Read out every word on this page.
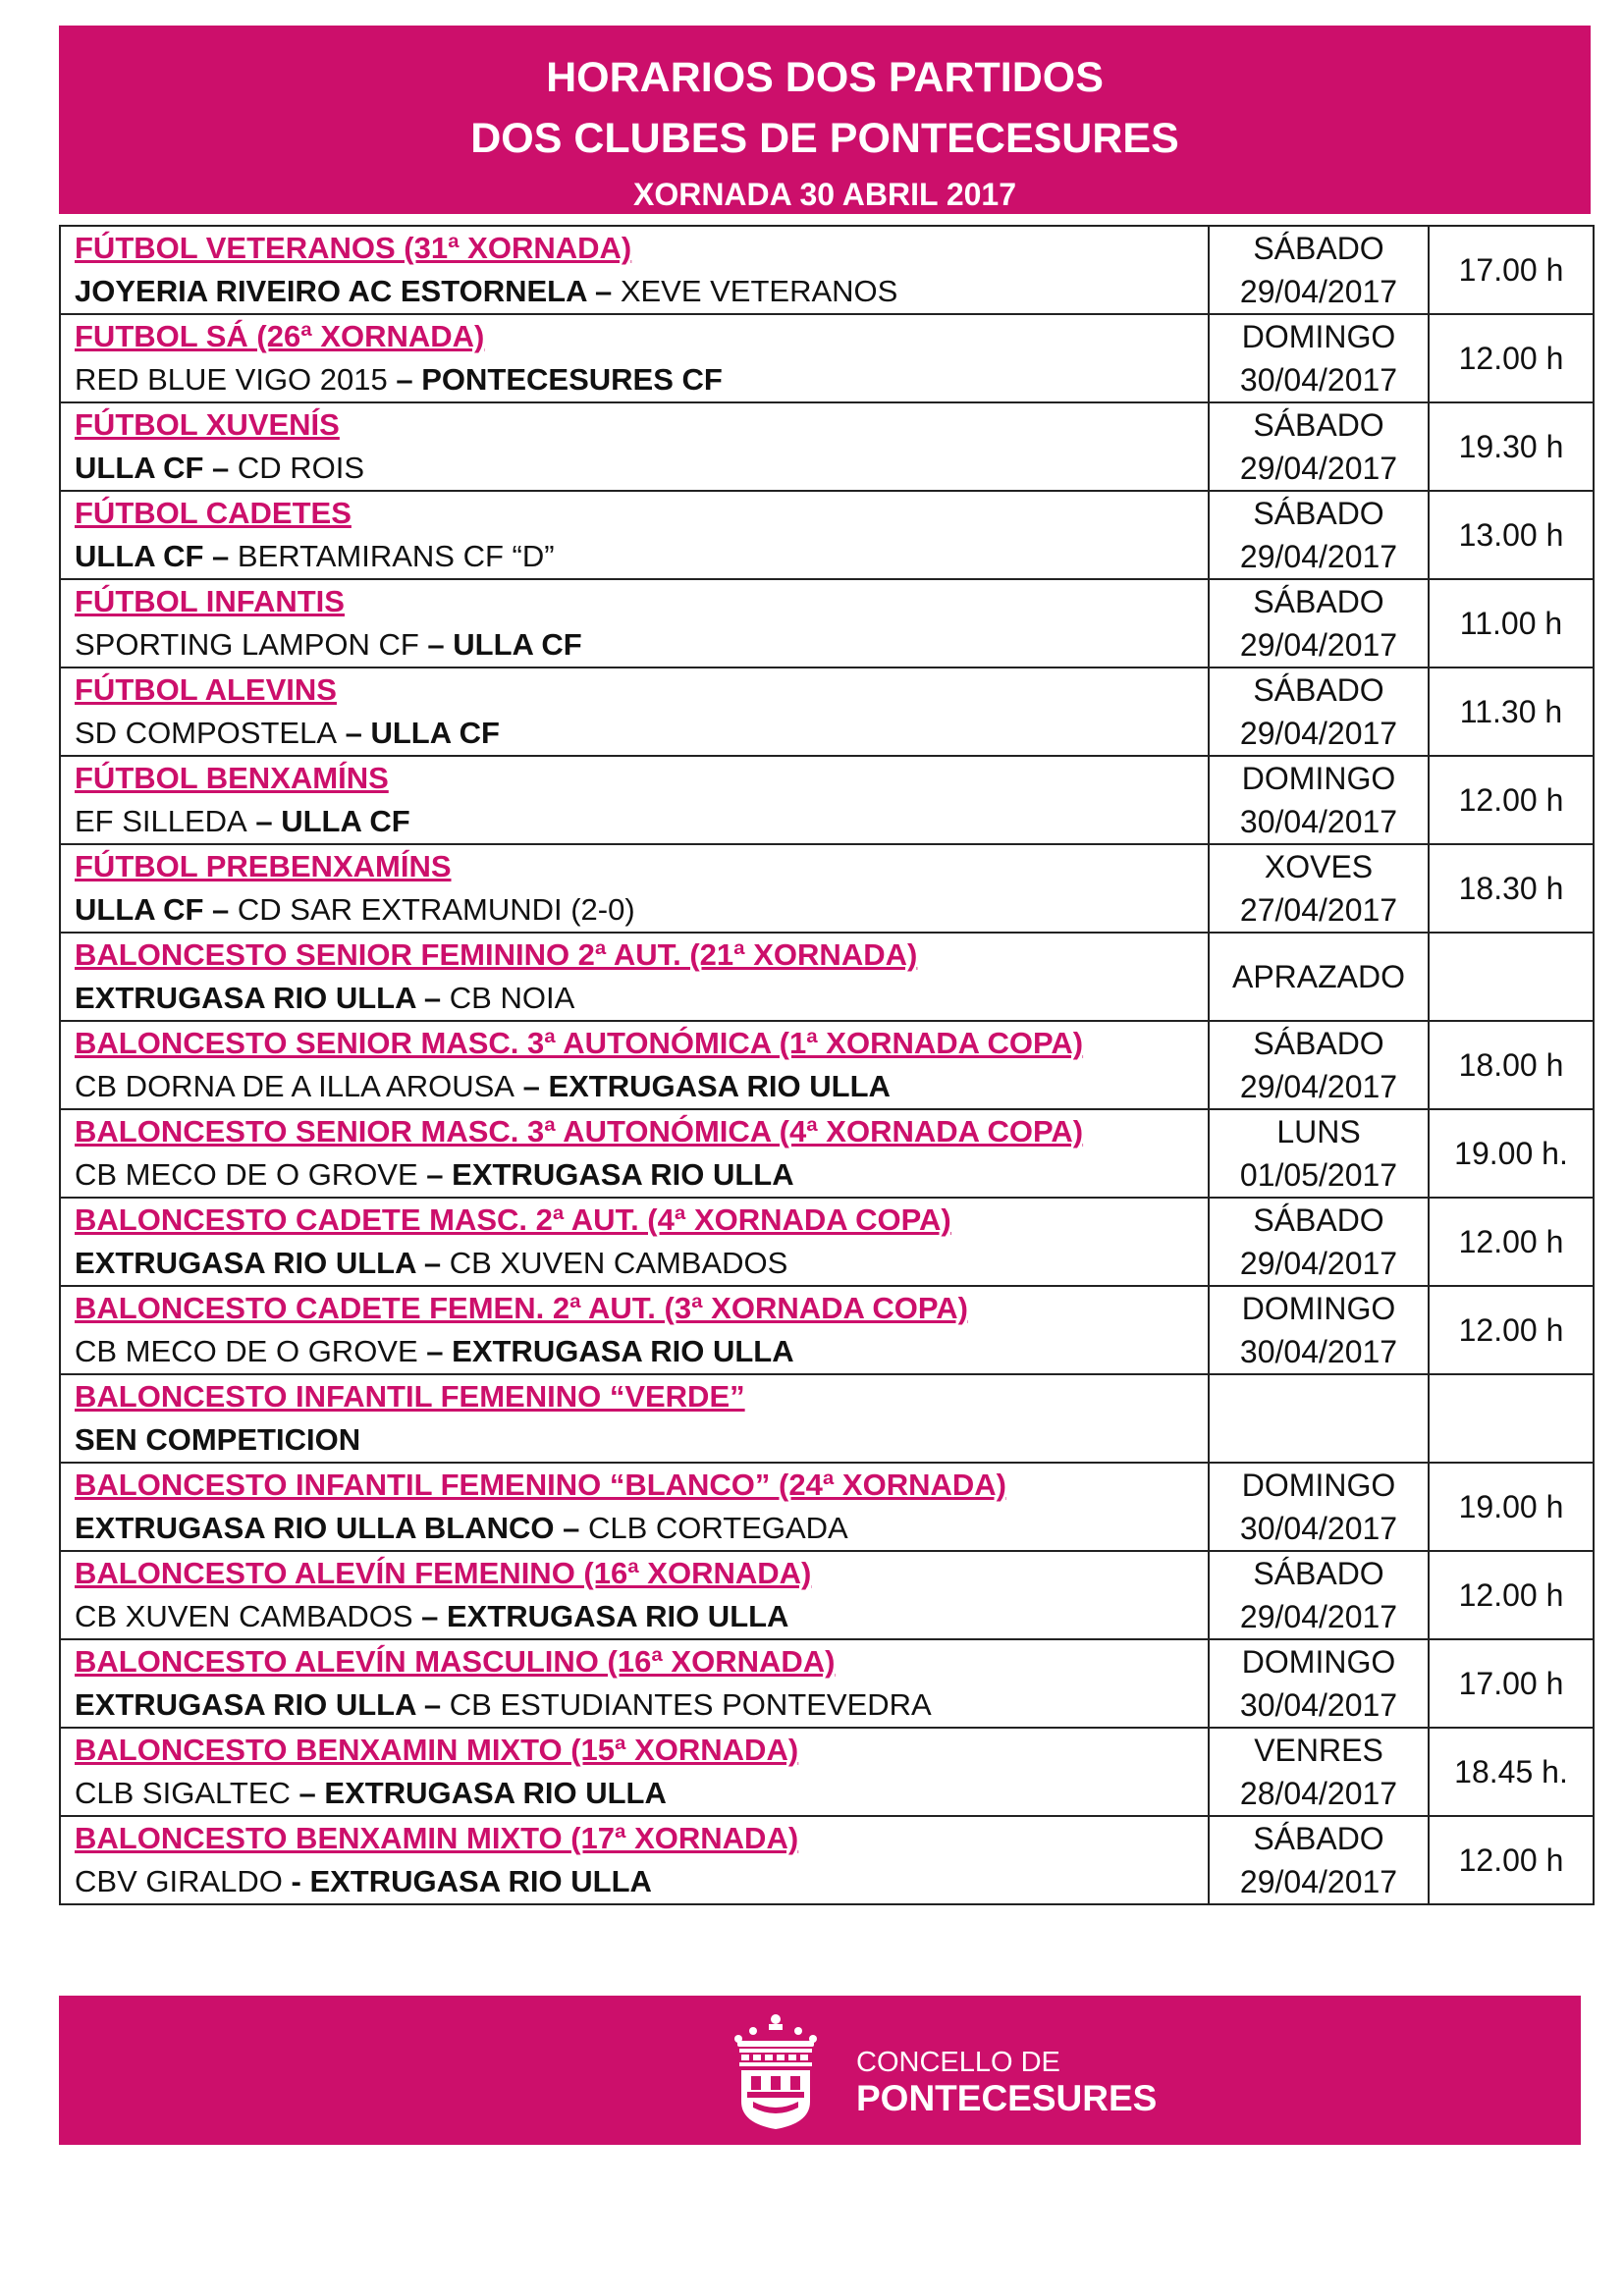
HORARIOS DOS PARTIDOS
DOS CLUBES DE PONTECESURES
XORNADA 30 ABRIL 2017
FÚTBOL VETERANOS (31ª XORNADA)
JOYERIA RIVEIRO AC ESTORNELA – XEVE VETERANOS	SÁBADO
29/04/2017	17.00 h

FUTBOL SÁ (26ª XORNADA)
RED BLUE VIGO 2015 – PONTECESURES CF	DOMINGO
30/04/2017	12.00 h

FÚTBOL XUVENÍS
ULLA CF – CD ROIS	SÁBADO
29/04/2017	19.30 h

FÚTBOL CADETES
ULLA CF – BERTAMIRANS CF “D”	SÁBADO
29/04/2017	13.00 h

FÚTBOL INFANTIS
SPORTING LAMPON CF – ULLA CF	SÁBADO
29/04/2017	11.00 h

FÚTBOL ALEVINS
SD COMPOSTELA – ULLA CF	SÁBADO
29/04/2017	11.30 h

FÚTBOL BENXAMÍNS
EF SILLEDA – ULLA CF	DOMINGO
30/04/2017	12.00 h

FÚTBOL PREBENXAMÍNS
ULLA CF – CD SAR EXTRAMUNDI (2-0)	XOVES
27/04/2017	18.30 h

BALONCESTO SENIOR FEMININO 2ª AUT. (21ª XORNADA)
EXTRUGASA RIO ULLA – CB NOIA	APRAZADO	

BALONCESTO SENIOR MASC. 3ª AUTONÓMICA (1ª XORNADA COPA)
CB DORNA DE A ILLA AROUSA – EXTRUGASA RIO ULLA	SÁBADO
29/04/2017	18.00 h

BALONCESTO SENIOR MASC. 3ª AUTONÓMICA (4ª XORNADA COPA)
CB MECO DE O GROVE – EXTRUGASA RIO ULLA	LUNS
01/05/2017	19.00 h.

BALONCESTO CADETE MASC. 2ª AUT. (4ª XORNADA COPA)
EXTRUGASA RIO ULLA – CB XUVEN CAMBADOS	SÁBADO
29/04/2017	12.00 h

BALONCESTO CADETE FEMEN. 2ª AUT. (3ª XORNADA COPA)
CB MECO DE O GROVE – EXTRUGASA RIO ULLA	DOMINGO
30/04/2017	12.00 h

BALONCESTO INFANTIL FEMENINO “VERDE”
SEN COMPETICION		

BALONCESTO INFANTIL FEMENINO “BLANCO” (24ª XORNADA)
EXTRUGASA RIO ULLA BLANCO – CLB CORTEGADA	DOMINGO
30/04/2017	19.00 h

BALONCESTO ALEVÍN FEMENINO (16ª XORNADA)
CB XUVEN CAMBADOS – EXTRUGASA RIO ULLA	SÁBADO
29/04/2017	12.00 h

BALONCESTO ALEVÍN MASCULINO (16ª XORNADA)
EXTRUGASA RIO ULLA – CB ESTUDIANTES PONTEVEDRA	DOMINGO
30/04/2017	17.00 h

BALONCESTO BENXAMIN MIXTO (15ª XORNADA)
CLB SIGALTEC – EXTRUGASA RIO ULLA	VENRES
28/04/2017	18.45 h.

BALONCESTO BENXAMIN MIXTO (17ª XORNADA)
CBV GIRALDO - EXTRUGASA RIO ULLA	SÁBADO
29/04/2017	12.00 h
CONCELLO DE
PONTECESURES
